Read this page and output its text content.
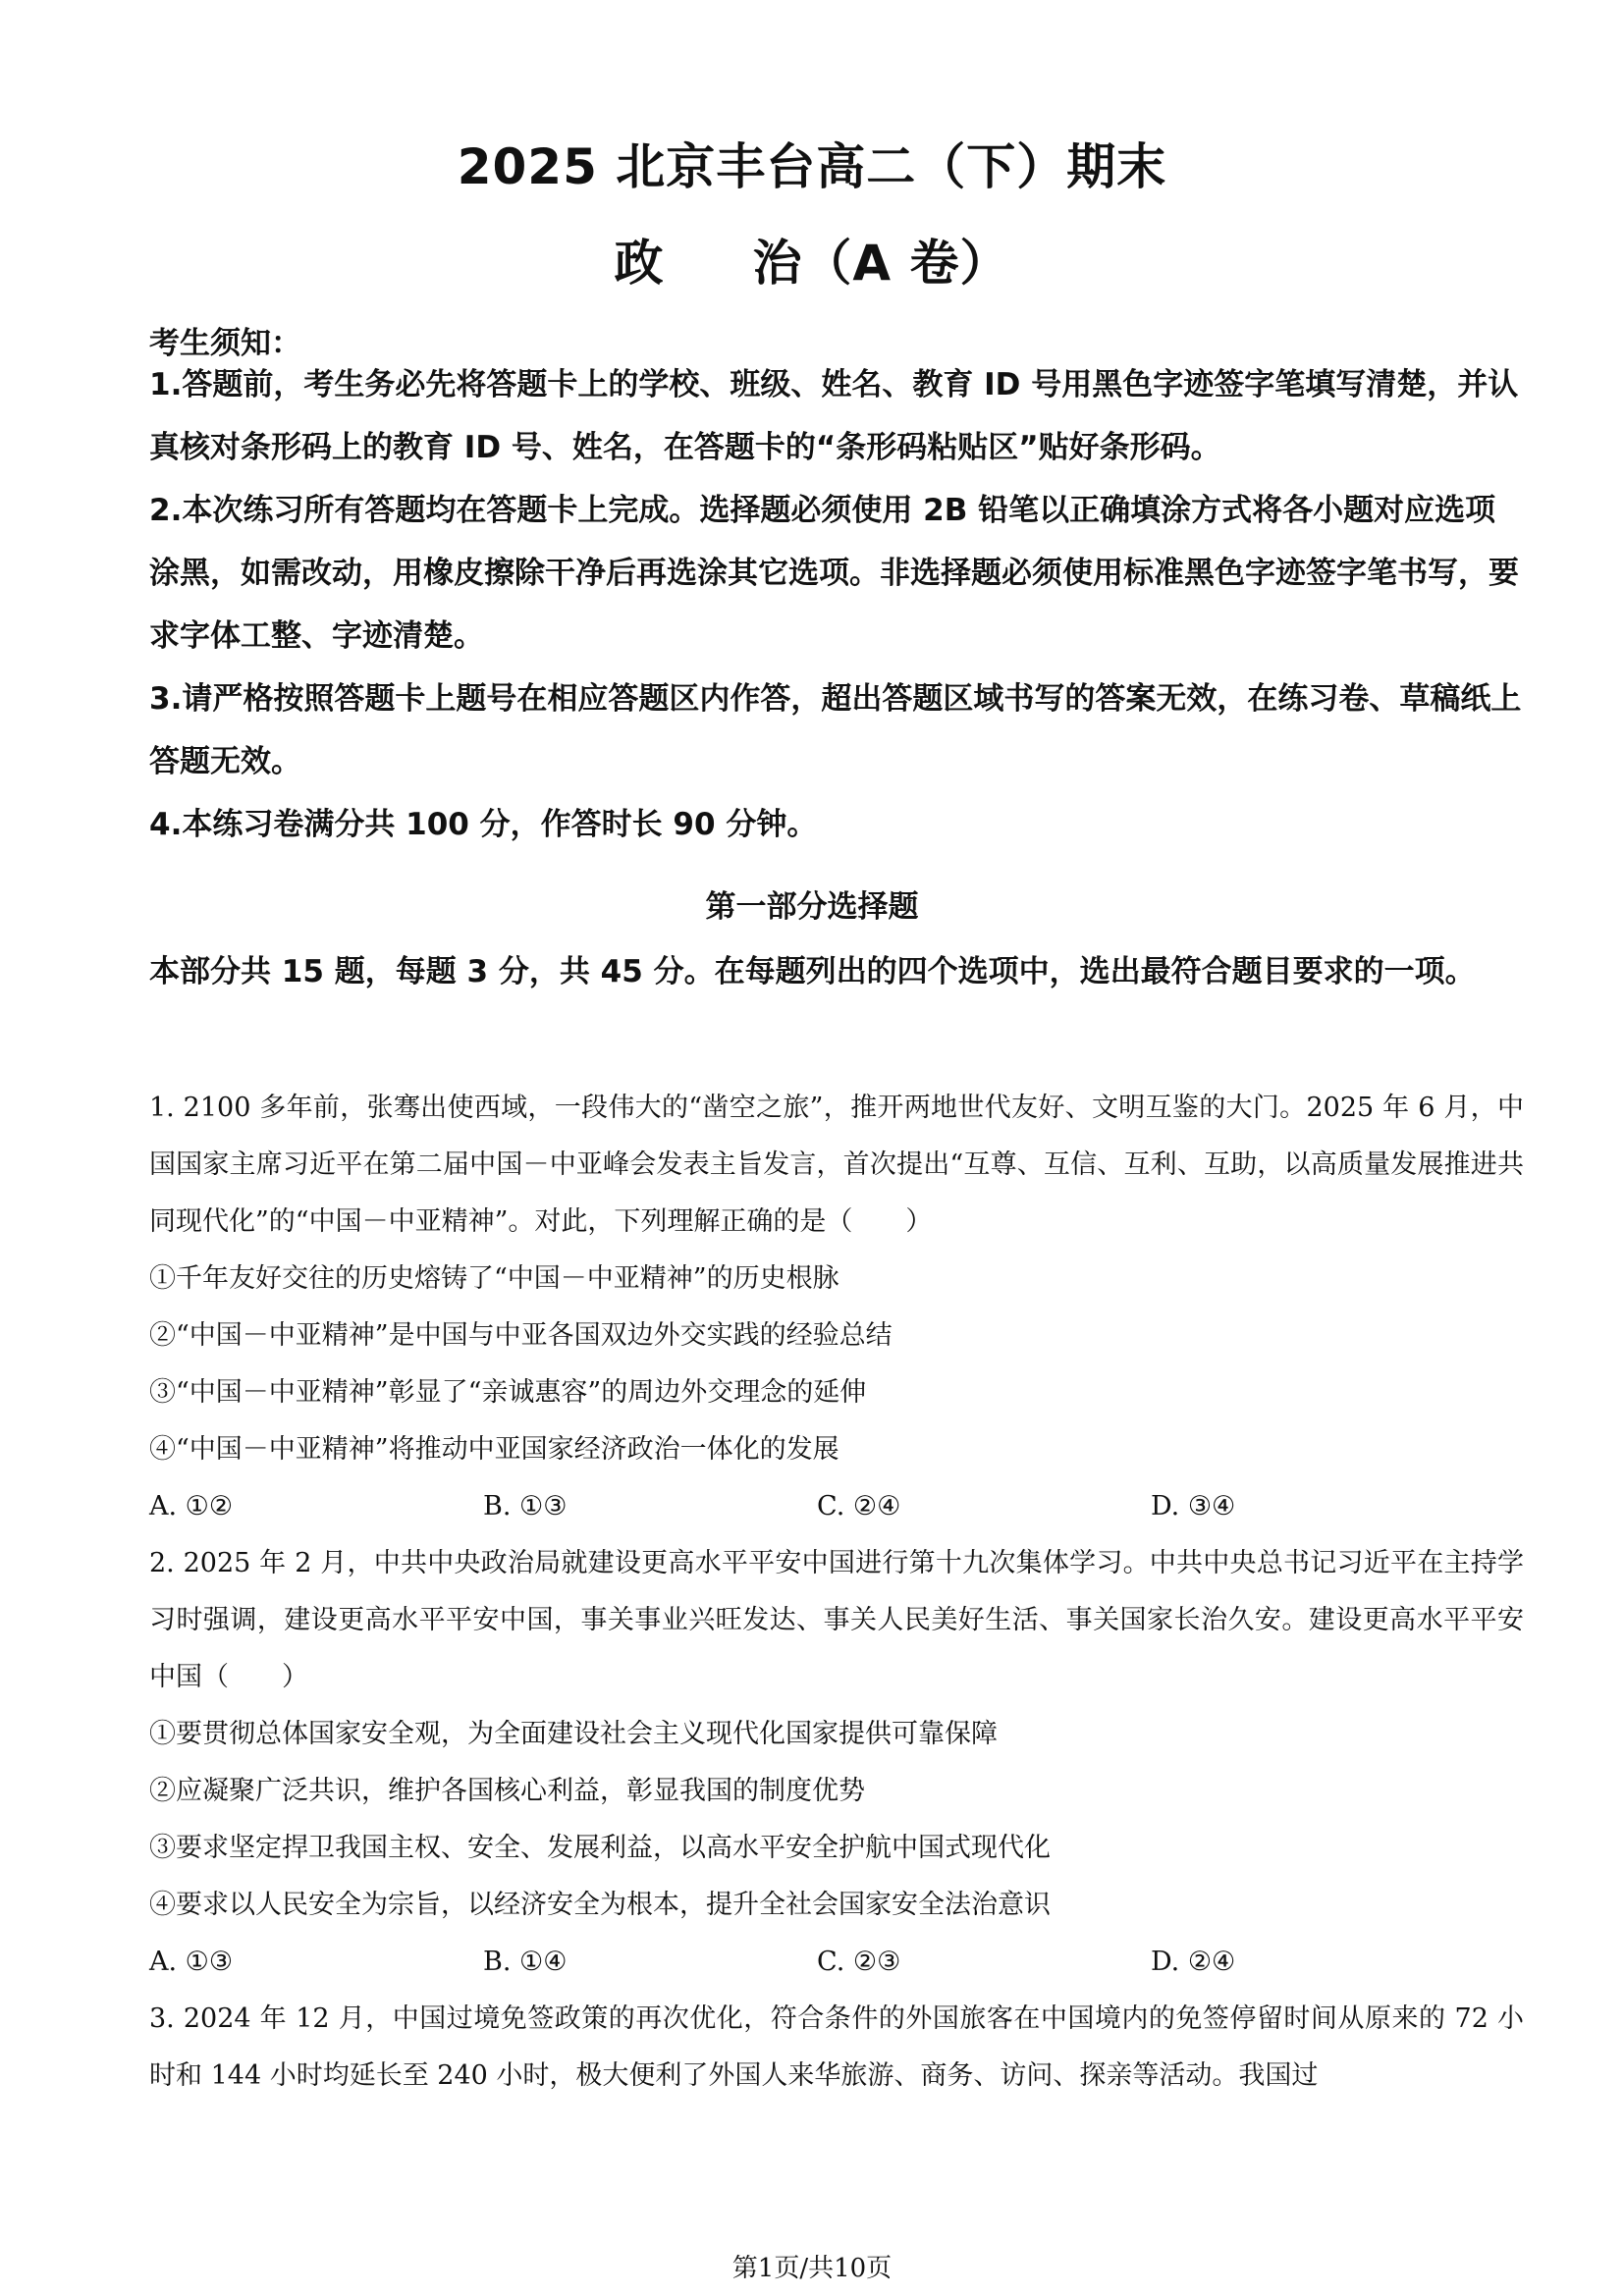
2025 北京丰台高二（下）期末
政 治（A 卷）
考生须知：

1.答题前，考生务必先将答题卡上的学校、班级、姓名、教育 ID 号用黑色字迹签字笔填写清楚，并认真核对条形码上的教育 ID 号、姓名，在答题卡的“条形码粘贴区”贴好条形码。

2.本次练习所有答题均在答题卡上完成。选择题必须使用 2B 铅笔以正确填涂方式将各小题对应选项涂黑，如需改动，用橡皮擦除干净后再选涂其它选项。非选择题必须使用标准黑色字迹签字笔书写，要求字体工整、字迹清楚。

3.请严格按照答题卡上题号在相应答题区内作答，超出答题区域书写的答案无效，在练习卷、草稿纸上答题无效。

4.本练习卷满分共 100 分，作答时长 90 分钟。

第一部分选择题
本部分共 15 题，每题 3 分，共 45 分。在每题列出的四个选项中，选出最符合题目要求的一项。

1. 2100 多年前，张骞出使西域，一段伟大的“凿空之旅”，推开两地世代友好、文明互鉴的大门。2025 年 6 月，中国国家主席习近平在第二届中国－中亚峰会发表主旨发言，首次提出“互尊、互信、互利、互助，以高质量发展推进共同现代化”的“中国－中亚精神”。对此，下列理解正确的是（　　）

①千年友好交往的历史熔铸了“中国－中亚精神”的历史根脉

②“中国－中亚精神”是中国与中亚各国双边外交实践的经验总结

③“中国－中亚精神”彰显了“亲诚惠容”的周边外交理念的延伸

④“中国－中亚精神”将推动中亚国家经济政治一体化的发展

A. ①②	B. ①③	C. ②④	D. ③④

2. 2025 年 2 月，中共中央政治局就建设更高水平平安中国进行第十九次集体学习。中共中央总书记习近平在主持学习时强调，建设更高水平平安中国，事关事业兴旺发达、事关人民美好生活、事关国家长治久安。建设更高水平平安中国（　　）

①要贯彻总体国家安全观，为全面建设社会主义现代化国家提供可靠保障

②应凝聚广泛共识，维护各国核心利益，彰显我国的制度优势

③要求坚定捍卫我国主权、安全、发展利益，以高水平安全护航中国式现代化

④要求以人民安全为宗旨，以经济安全为根本，提升全社会国家安全法治意识

A. ①③	B. ①④	C. ②③	D. ②④

3. 2024 年 12 月，中国过境免签政策的再次优化，符合条件的外国旅客在中国境内的免签停留时间从原来的 72 小时和 144 小时均延长至 240 小时，极大便利了外国人来华旅游、商务、访问、探亲等活动。我国过

第1页/共10页
